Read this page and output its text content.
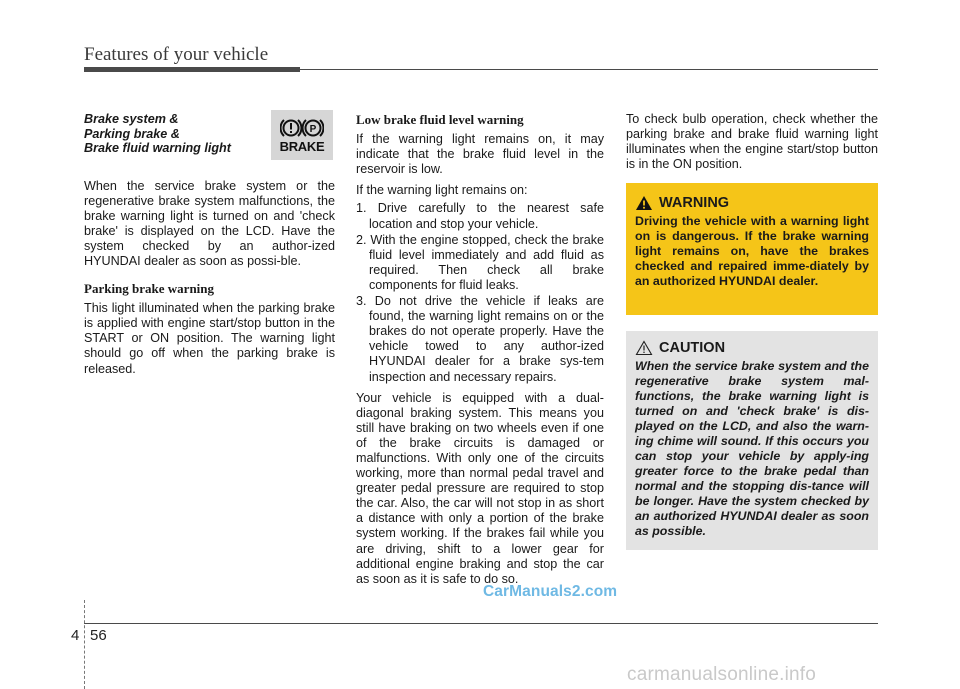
Features of your vehicle
Brake system &
Parking brake &
Brake fluid warning light

When the service brake system or the regenerative brake system malfunctions, the brake warning light is turned on and 'check brake' is displayed on the LCD. Have the system checked by an author-ized HYUNDAI dealer as soon as possi-ble.

Parking brake warning

This light illuminated when the parking brake is applied with engine start/stop button in the START or ON position. The warning light should go off when the parking brake is released.

P
BRAKE
Low brake fluid level warning

If the warning light remains on, it may indicate that the brake fluid level in the reservoir is low.

If the warning light remains on:

1. Drive carefully to the nearest safe location and stop your vehicle.
2. With the engine stopped, check the brake fluid level immediately and add fluid as required. Then check all brake components for fluid leaks.
3. Do not drive the vehicle if leaks are found, the warning light remains on or the brakes do not operate properly. Have the vehicle towed to any author-ized HYUNDAI dealer for a brake sys-tem inspection and necessary repairs.

Your vehicle is equipped with a dual-diagonal braking system. This means you still have braking on two wheels even if one of the brake circuits is damaged or malfunctions. With only one of the circuits working, more than normal pedal travel and greater pedal pressure are required to stop the car. Also, the car will not stop in as short a distance with only a portion of the brake system working. If the brakes fail while you are driving, shift to a lower gear for additional engine braking and stop the car as soon as it is safe to do so.

To check bulb operation, check whether the parking brake and brake fluid warning light illuminates when the engine start/stop button is in the ON position.

WARNING
Driving the vehicle with a warning light on is dangerous. If the brake warning light remains on, have the brakes checked and repaired imme-diately by an authorized HYUNDAI dealer.
CAUTION
When the service brake system and the regenerative brake system mal-functions, the brake warning light is turned on and 'check brake' is dis-played on the LCD, and also the warn-ing chime will sound. If this occurs you can stop your vehicle by apply-ing greater force to the brake pedal than normal and the stopping dis-tance will be longer. Have the system checked by an authorized HYUNDAI dealer as soon as possible.
CarManuals2.com
4 56
carmanualsonline.info
